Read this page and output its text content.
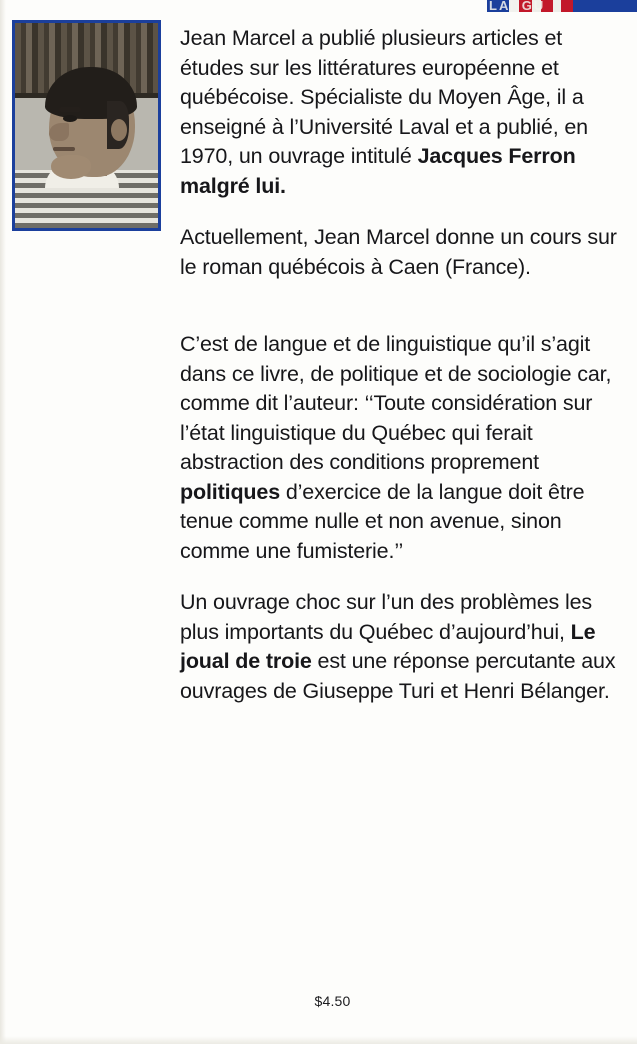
LANGU

Jean Marcel a publié plusieurs articles et études sur les littératures européenne et québécoise. Spécialiste du Moyen Âge, il a enseigné à l’Université Laval et a publié, en 1970, un ouvrage intitulé Jacques Ferron malgré lui.

Actuellement, Jean Marcel donne un cours sur le roman québécois à Caen (France).

C’est de langue et de linguistique qu’il s’agit dans ce livre, de politique et de sociologie car, comme dit l’auteur: ‘‘Toute considération sur l’état linguistique du Québec qui ferait abstraction des conditions proprement politiques d’exercice de la langue doit être tenue comme nulle et non avenue, sinon comme une fumisterie.’’

Un ouvrage choc sur l’un des problèmes les plus importants du Québec d’aujourd’hui, Le joual de troie est une réponse percutante aux ouvrages de Giuseppe Turi et Henri Bélanger.

$4.50
